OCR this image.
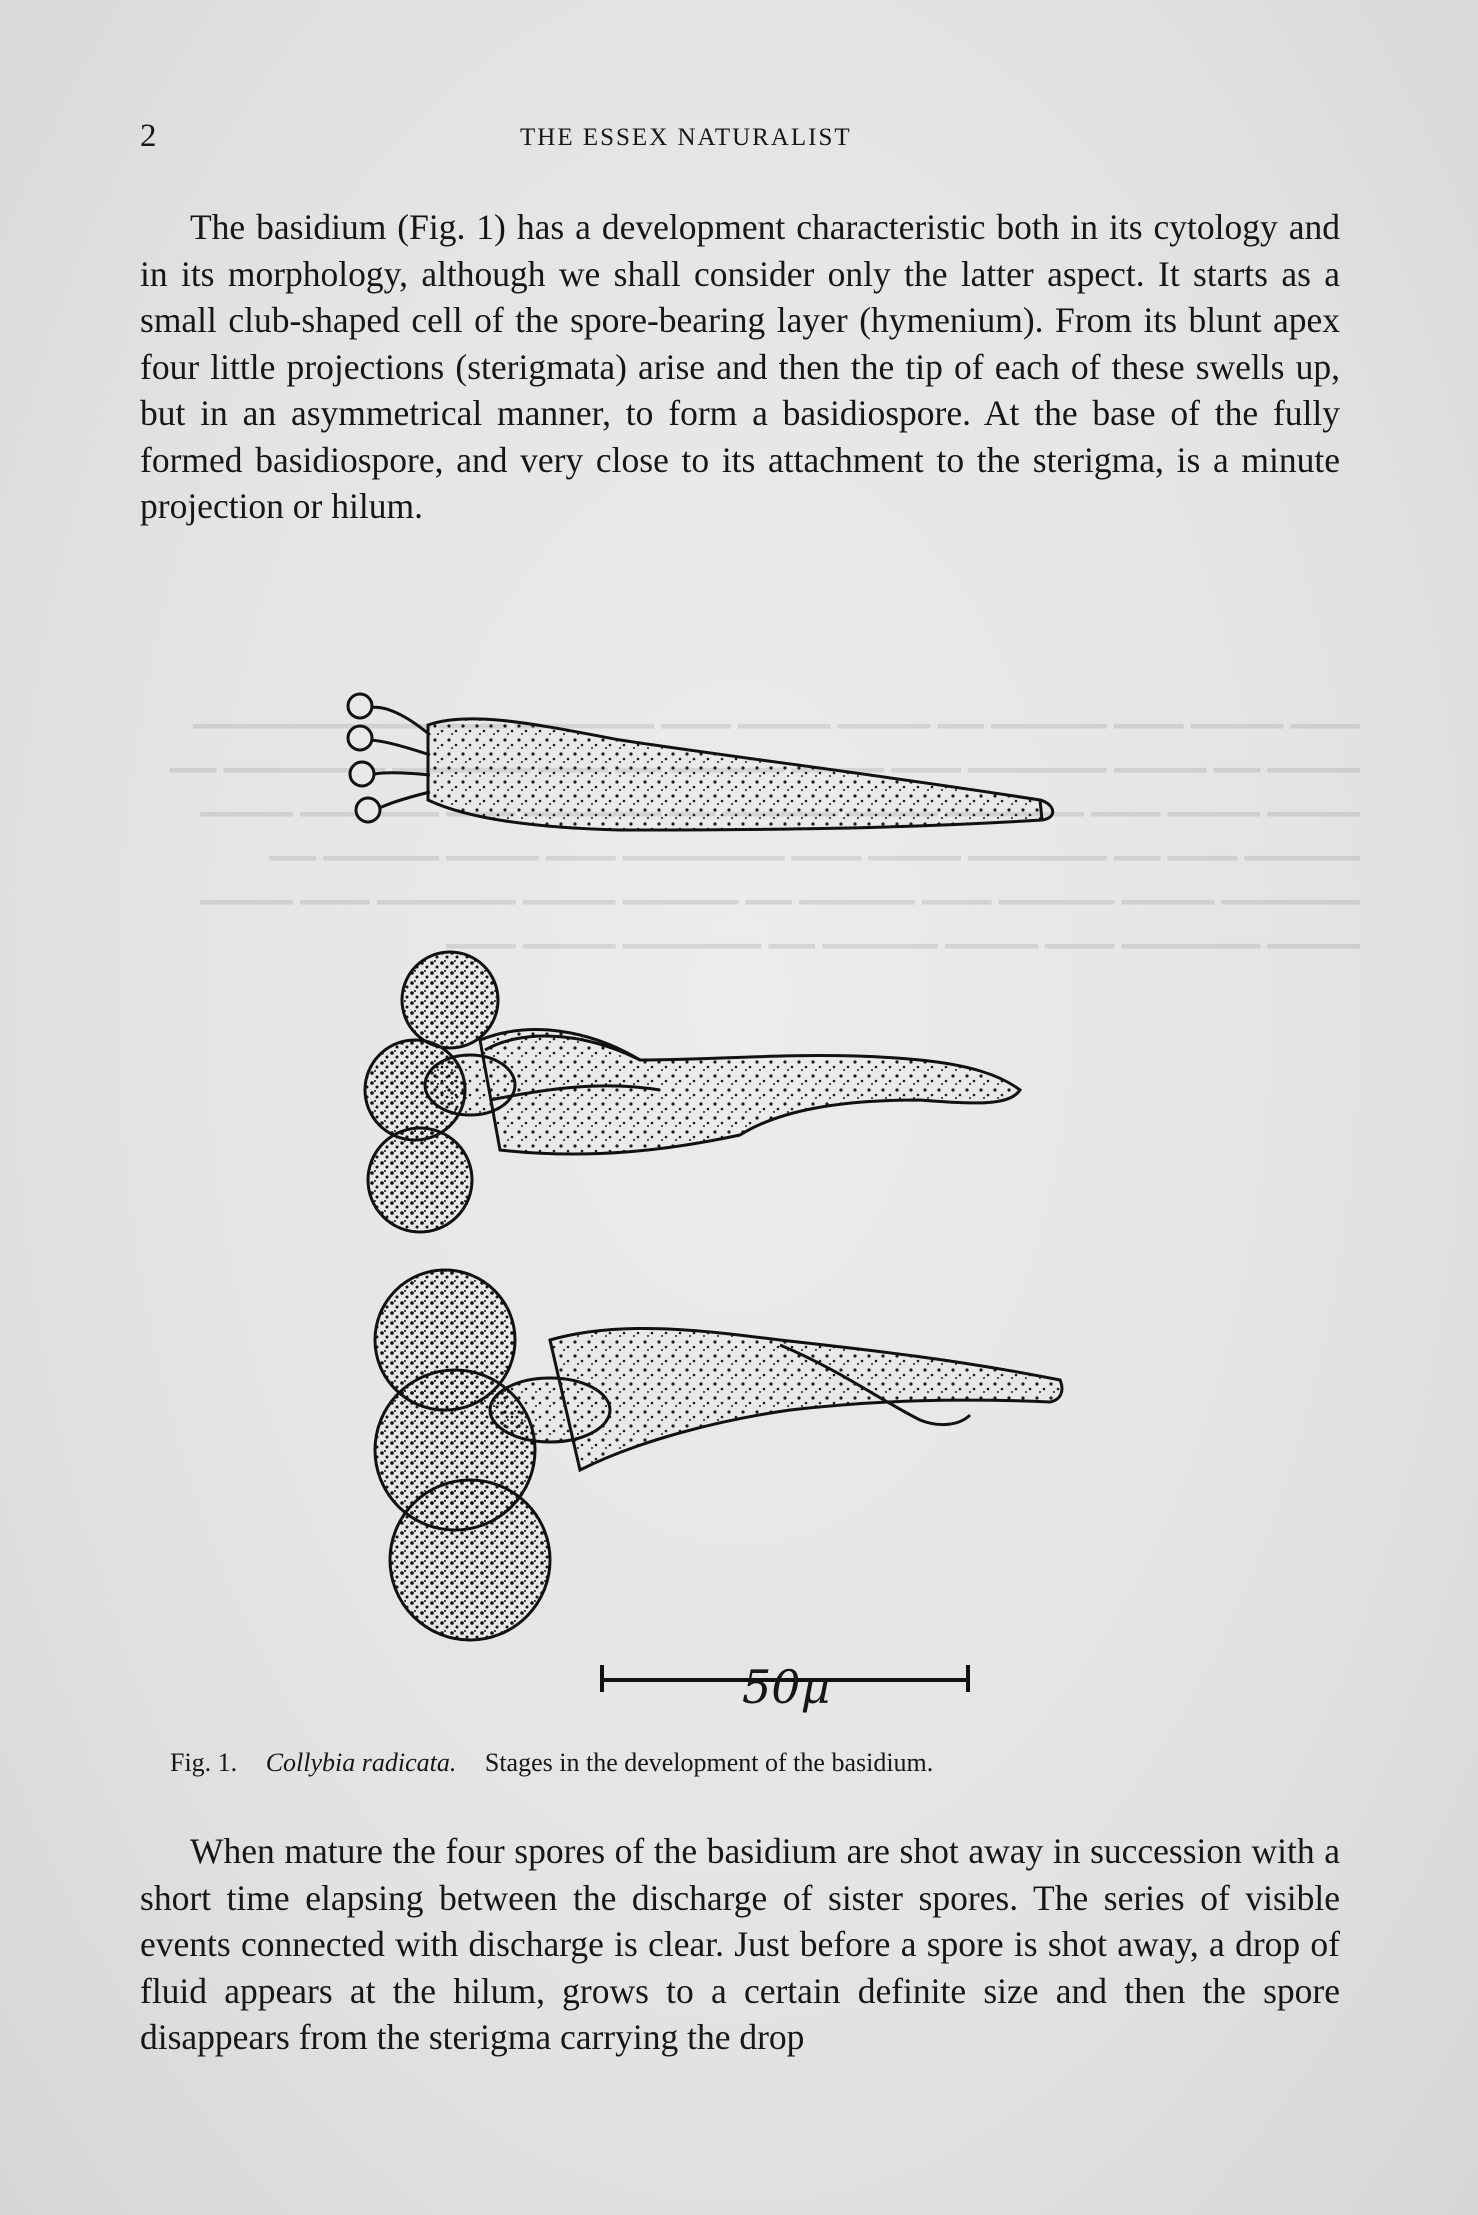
2	THE ESSEX NATURALIST

The basidium (Fig. 1) has a development characteristic both in its cytology and in its morphology, although we shall consider only the latter aspect. It starts as a small club-shaped cell of the spore-bearing layer (hymenium). From its blunt apex four little projections (sterigmata) arise and then the tip of each of these swells up, but in an asymmetrical manner, to form a basidiospore. At the base of the fully formed basidiospore, and very close to its attachment to the sterigma, is a minute projection or hilum.

▁▁▁ ▁▁▁▁ ▁▁▁ ▁▁▁▁▁ ▁▁ ▁▁▁▁ ▁▁▁▁ ▁▁▁ ▁▁▁▁▁▁ ▁▁▁ ▁▁▁ ▁▁▁▁▁▁▁ ▁▁▁▁ ▁▁ ▁▁▁▁ ▁▁▁▁▁▁ ▁▁▁ ▁▁▁▁ ▁▁▁▁▁▁▁ ▁▁ ▁▁▁▁ ▁▁▁▁ ▁▁▁ ▁▁▁▁ ▁▁▁▁▁ ▁▁▁ ▁▁ ▁▁▁▁▁▁ ▁▁▁▁ ▁▁▁ ▁▁▁▁▁▁▁ ▁▁▁ ▁▁▁▁ ▁▁▁▁▁ ▁▁ ▁▁▁▁▁▁ ▁▁▁▁ ▁▁▁▁▁ ▁▁▁ ▁▁▁▁▁ ▁▁ ▁▁▁▁▁ ▁▁▁▁ ▁▁▁▁▁▁ ▁▁▁ ▁▁▁▁ ▁▁▁▁ ▁▁▁▁▁▁ ▁▁▁ ▁▁▁▁ ▁▁▁▁▁ ▁▁ ▁▁▁▁▁▁ ▁▁▁▁ ▁▁▁
50µ
Fig. 1. Collybia radicata. Stages in the development of the basidium.

When mature the four spores of the basidium are shot away in succession with a short time elapsing between the discharge of sister spores. The series of visible events connected with discharge is clear. Just before a spore is shot away, a drop of fluid appears at the hilum, grows to a certain definite size and then the spore disappears from the sterigma carrying the drop
